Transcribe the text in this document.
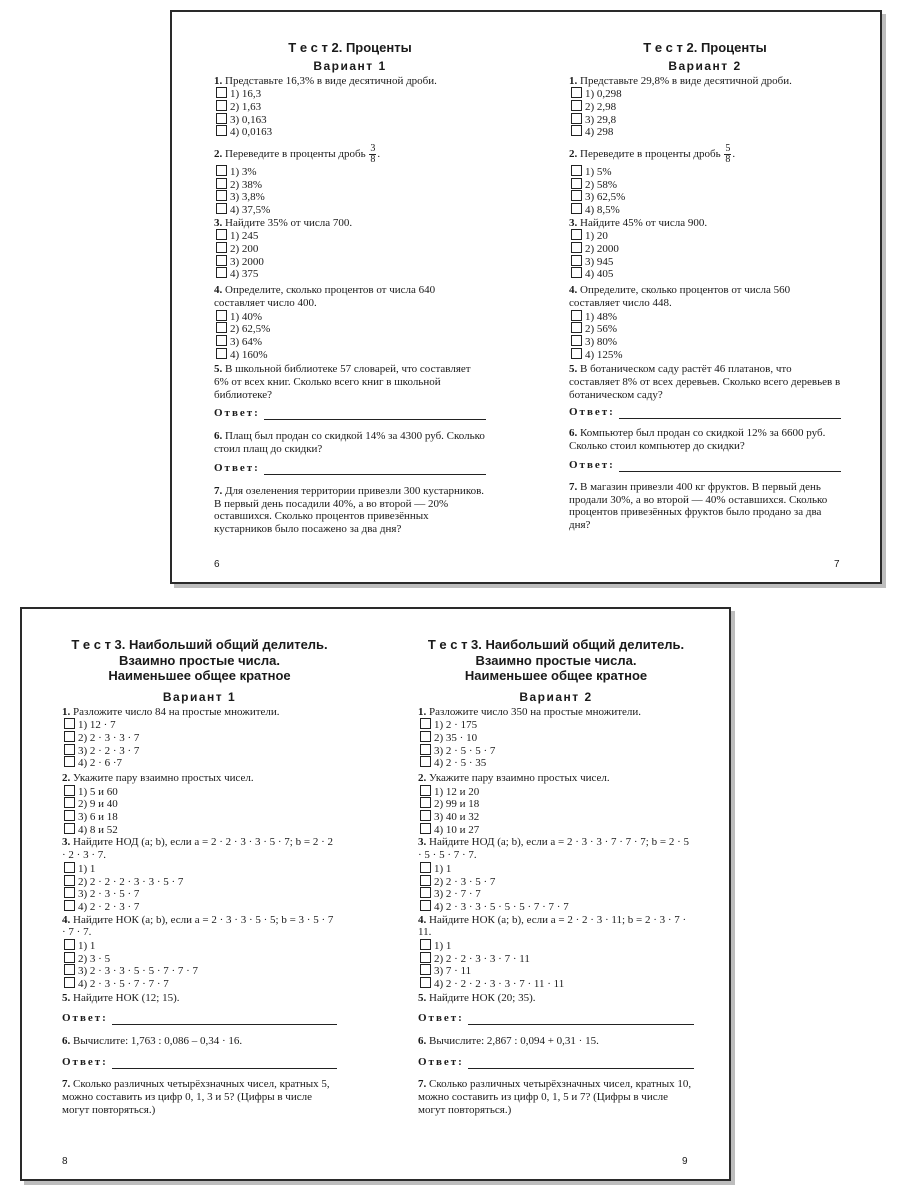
Т е с т 2. Проценты

Вариант 1

1. Представьте 16,3% в виде десятичной дроби.

1) 16,3
2) 1,63
3) 0,163
4) 0,0163

2. Переведите в проценты дробь $\frac{3}{8}$ .

1) 3%
2) 38%
3) 3,8%
4) 37,5%

3. Найдите 35% от числа 700.

1) 245
2) 200
3) 2000
4) 375

4. Определите, сколько процентов от числа 640 составляет число 400.

1) 40%
2) 62,5%
3) 64%
4) 160%

5. В школьной библиотеке 57 словарей, что составляет 6% от всех книг. Сколько всего книг в школьной библиотеке?

Ответ:

6. Плащ был продан со скидкой 14% за 4300 руб. Сколько стоил плащ до скидки?

Ответ:

7. Для озеленения территории привезли 300 кустарников. В первый день посадили 40%, а во второй — 20% оставшихся. Сколько процентов привезённых кустарников было посажено за два дня?

6

Т е с т 2. Проценты

Вариант 2

1. Представьте 29,8% в виде десятичной дроби.

1) 0,298
2) 2,98
3) 29,8
4) 298

2. Переведите в проценты дробь $\frac{5}{8}$ .

1) 5%
2) 58%
3) 62,5%
4) 8,5%

3. Найдите 45% от числа 900.

1) 20
2) 2000
3) 945
4) 405

4. Определите, сколько процентов от числа 560 составляет число 448.

1) 48%
2) 56%
3) 80%
4) 125%

5. В ботаническом саду растёт 46 платанов, что составляет 8% от всех деревьев. Сколько всего деревьев в ботаническом саду?

Ответ:

6. Компьютер был продан со скидкой 12% за 6600 руб. Сколько стоил компьютер до скидки?

Ответ:

7. В магазин привезли 400 кг фруктов. В первый день продали 30%, а во второй — 40% оставшихся. Сколько процентов привезённых фруктов было продано за два дня?

7

Т е с т 3. Наибольший общий делитель.

Взаимно простые числа.

Наименьшее общее кратное

Вариант 1

1. Разложите число 84 на простые множители.

1) 12 · 7
2) 2 · 3 · 3 · 7
3) 2 · 2 · 3 · 7
4) 2 · 6 ·7

2. Укажите пару взаимно простых чисел.

1) 5 и 60
2) 9 и 40
3) 6 и 18
4) 8 и 52

3. Найдите НОД (a; b), если a = 2 · 2 · 3 · 3 · 5 · 7; b = 2 · 2 · 2 · 3 · 7.

1) 1
2) 2 · 2 · 2 · 3 · 3 · 5 · 7
3) 2 · 3 · 5 · 7
4) 2 · 2 · 3 · 7

4. Найдите НОК (a; b), если a = 2 · 3 · 3 · 5 · 5; b = 3 · 5 · 7 · 7 · 7.

1) 1
2) 3 · 5
3) 2 · 3 · 3 · 5 · 5 · 7 · 7 · 7
4) 2 · 3 · 5 · 7 · 7 · 7

5. Найдите НОК (12; 15).

Ответ:

6. Вычислите: 1,763 : 0,086 – 0,34 · 16.

Ответ:

7. Сколько различных четырёхзначных чисел, кратных 5, можно составить из цифр 0, 1, 3 и 5? (Цифры в числе могут повторяться.)

8

Т е с т 3. Наибольший общий делитель.

Взаимно простые числа.

Наименьшее общее кратное

Вариант 2

1. Разложите число 350 на простые множители.

1) 2 · 175
2) 35 · 10
3) 2 · 5 · 5 · 7
4) 2 · 5 · 35

2. Укажите пару взаимно простых чисел.

1) 12 и 20
2) 99 и 18
3) 40 и 32
4) 10 и 27

3. Найдите НОД (a; b), если a = 2 · 3 · 3 · 7 · 7 · 7; b = 2 · 5 · 5 · 5 · 7 · 7.

1) 1
2) 2 · 3 · 5 · 7
3) 2 · 7 · 7
4) 2 · 3 · 3 · 5 · 5 · 5 · 7 · 7 · 7

4. Найдите НОК (a; b), если a = 2 · 2 · 3 · 11; b = 2 · 3 · 7 · 11.

1) 1
2) 2 · 2 · 3 · 3 · 7 · 11
3) 7 · 11
4) 2 · 2 · 2 · 3 · 3 · 7 · 11 · 11

5. Найдите НОК (20; 35).

Ответ:

6. Вычислите: 2,867 : 0,094 + 0,31 · 15.

Ответ:

7. Сколько различных четырёхзначных чисел, кратных 10, можно составить из цифр 0, 1, 5 и 7? (Цифры в числе могут повторяться.)

9
